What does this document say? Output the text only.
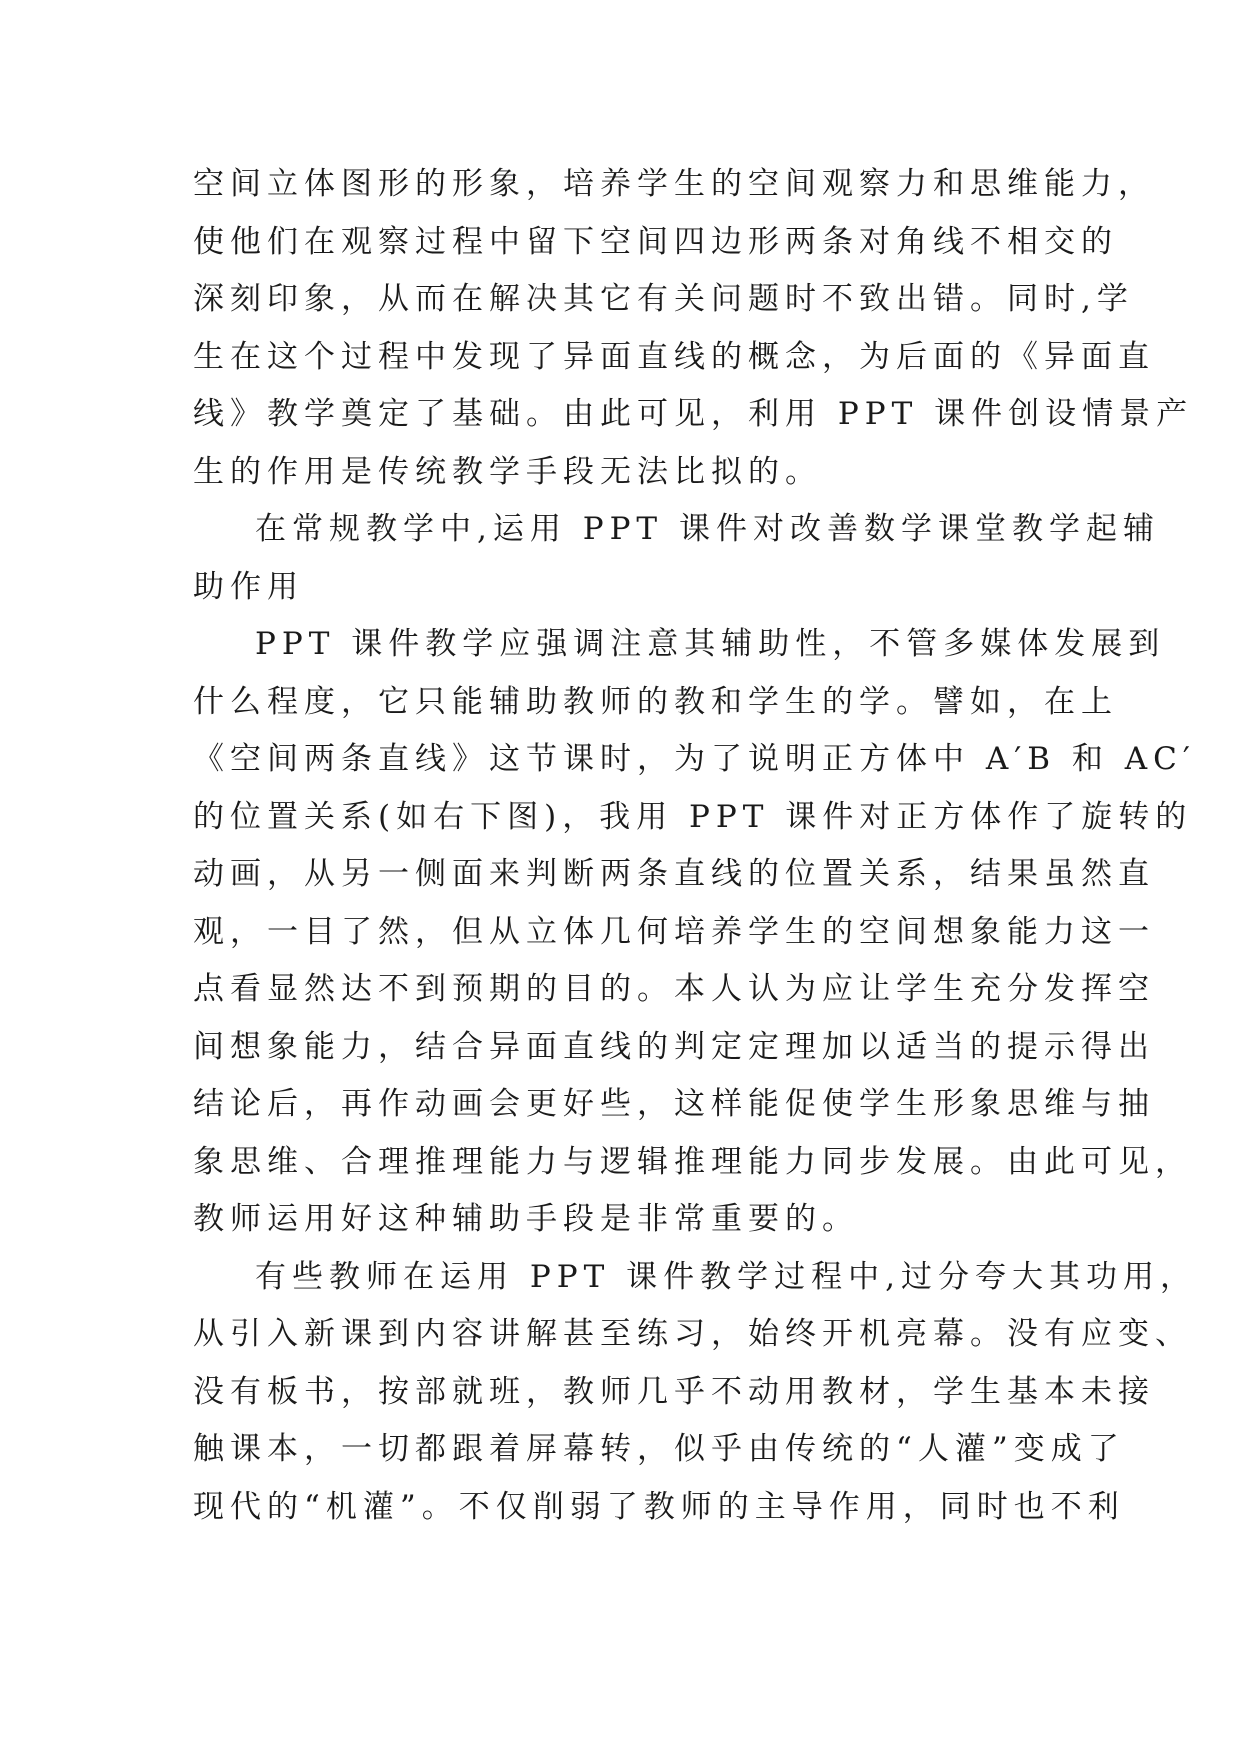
空间立体图形的形象，培养学生的空间观察力和思维能力，
使他们在观察过程中留下空间四边形两条对角线不相交的
深刻印象，从而在解决其它有关问题时不致出错。同时,学
生在这个过程中发现了异面直线的概念，为后面的《异面直
线》教学奠定了基础。由此可见，利用 PPT 课件创设情景产
生的作用是传统教学手段无法比拟的。
在常规教学中,运用 PPT 课件对改善数学课堂教学起辅
助作用
PPT 课件教学应强调注意其辅助性，不管多媒体发展到
什么程度，它只能辅助教师的教和学生的学。譬如，在上
《空间两条直线》这节课时，为了说明正方体中 A′B 和 AC′
的位置关系(如右下图)，我用 PPT 课件对正方体作了旋转的
动画，从另一侧面来判断两条直线的位置关系，结果虽然直
观，一目了然，但从立体几何培养学生的空间想象能力这一
点看显然达不到预期的目的。本人认为应让学生充分发挥空
间想象能力，结合异面直线的判定定理加以适当的提示得出
结论后，再作动画会更好些，这样能促使学生形象思维与抽
象思维、合理推理能力与逻辑推理能力同步发展。由此可见，
教师运用好这种辅助手段是非常重要的。
有些教师在运用 PPT 课件教学过程中,过分夸大其功用，
从引入新课到内容讲解甚至练习，始终开机亮幕。没有应变、
没有板书，按部就班，教师几乎不动用教材，学生基本未接
触课本，一切都跟着屏幕转，似乎由传统的“人灌”变成了
现代的“机灌”。不仅削弱了教师的主导作用，同时也不利
